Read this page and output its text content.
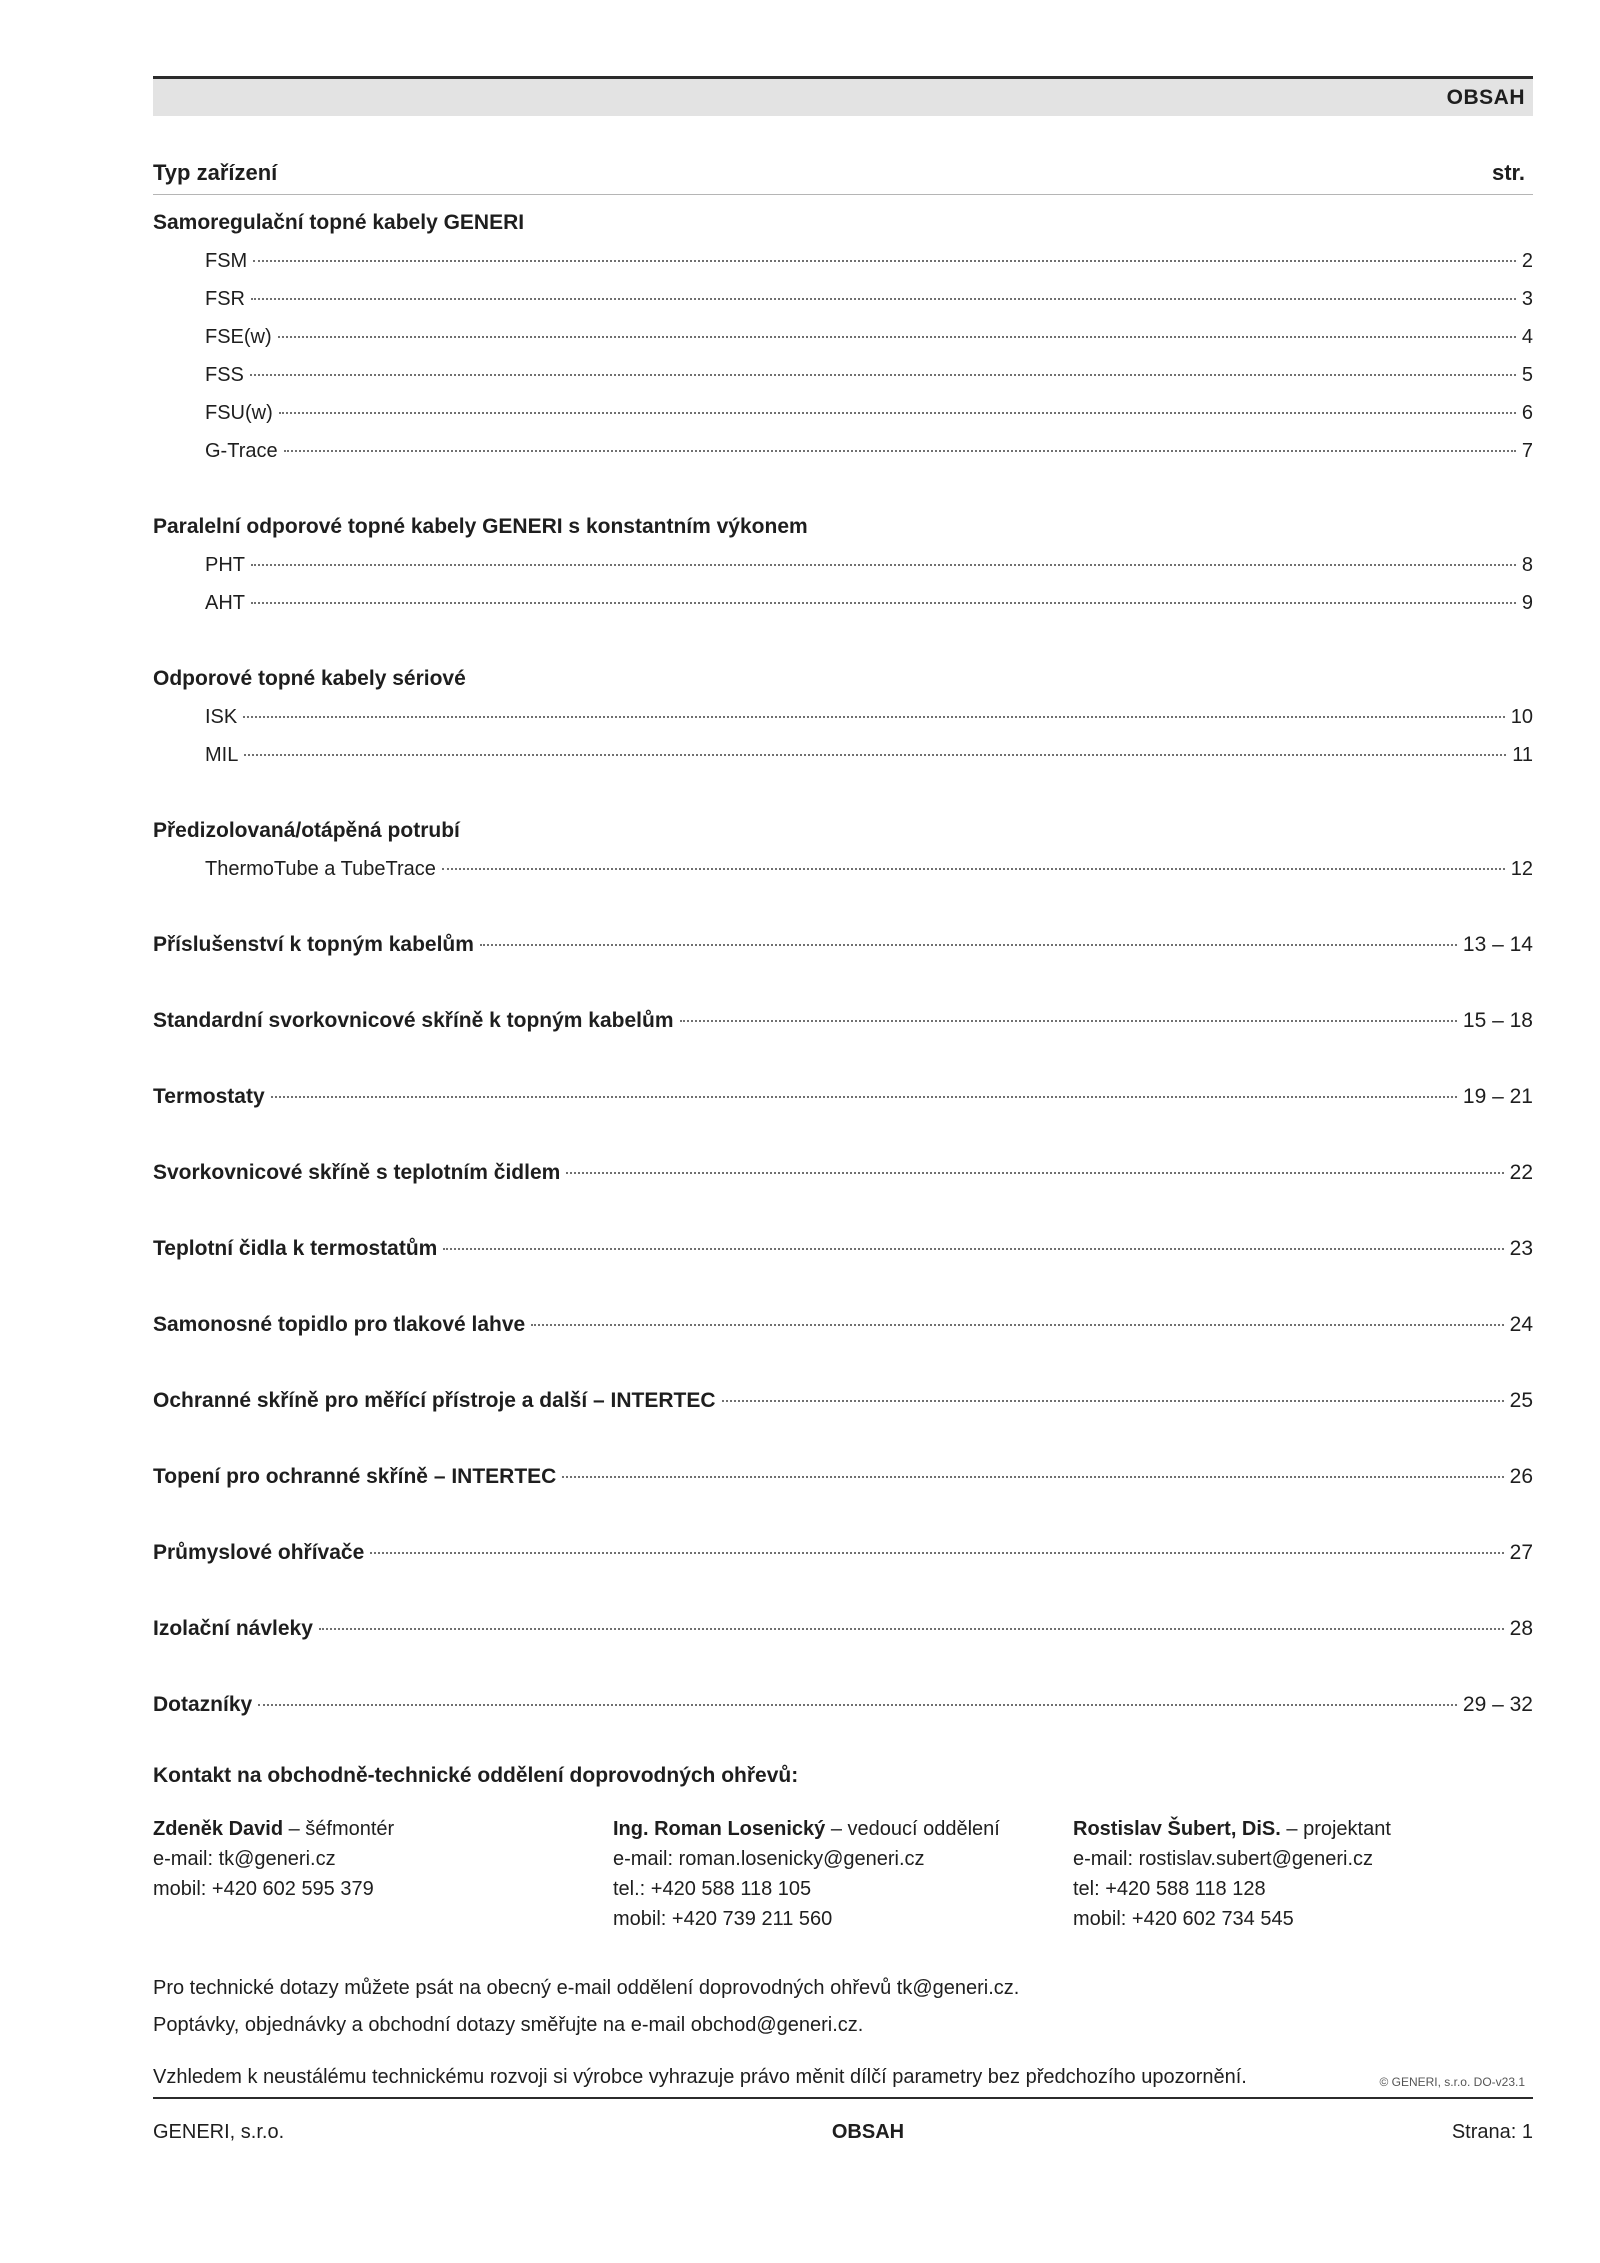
OBSAH
Typ zařízení	str.
Samoregulační topné kabely GENERI
FSM	2
FSR	3
FSE(w)	4
FSS	5
FSU(w)	6
G-Trace	7
Paralelní odporové topné kabely GENERI s konstantním výkonem
PHT	8
AHT	9
Odporové topné kabely sériové
ISK	10
MIL	11
Předizolovaná/otápěná potrubí
ThermoTube a TubeTrace	12
Příslušenství k topným kabelům	13 – 14
Standardní svorkovnicové skříně k topným kabelům	15 – 18
Termostaty	19 – 21
Svorkovnicové skříně s teplotním čidlem	22
Teplotní čidla k termostatům	23
Samonosné topidlo pro tlakové lahve	24
Ochranné skříně pro měřící přístroje a další – INTERTEC	25
Topení pro ochranné skříně – INTERTEC	26
Průmyslové ohřívače	27
Izolační návleky	28
Dotazníky	29 – 32
Kontakt na obchodně-technické oddělení doprovodných ohřevů:
Zdeněk David – šéfmontér
e-mail: tk@generi.cz
mobil: +420 602 595 379
Ing. Roman Losenický – vedoucí oddělení
e-mail: roman.losenicky@generi.cz
tel.: +420 588 118 105
mobil: +420 739 211 560
Rostislav Šubert, DiS. – projektant
e-mail: rostislav.subert@generi.cz
tel: +420 588 118 128
mobil: +420 602 734 545
Pro technické dotazy můžete psát na obecný e-mail oddělení doprovodných ohřevů tk@generi.cz.
Poptávky, objednávky a obchodní dotazy směřujte na e-mail obchod@generi.cz.
Vzhledem k neustálému technickému rozvoji si výrobce vyhrazuje právo měnit dílčí parametry bez předchozího upozornění.	© GENERI, s.r.o. DO-v23.1
GENERI, s.r.o.	OBSAH	Strana: 1
